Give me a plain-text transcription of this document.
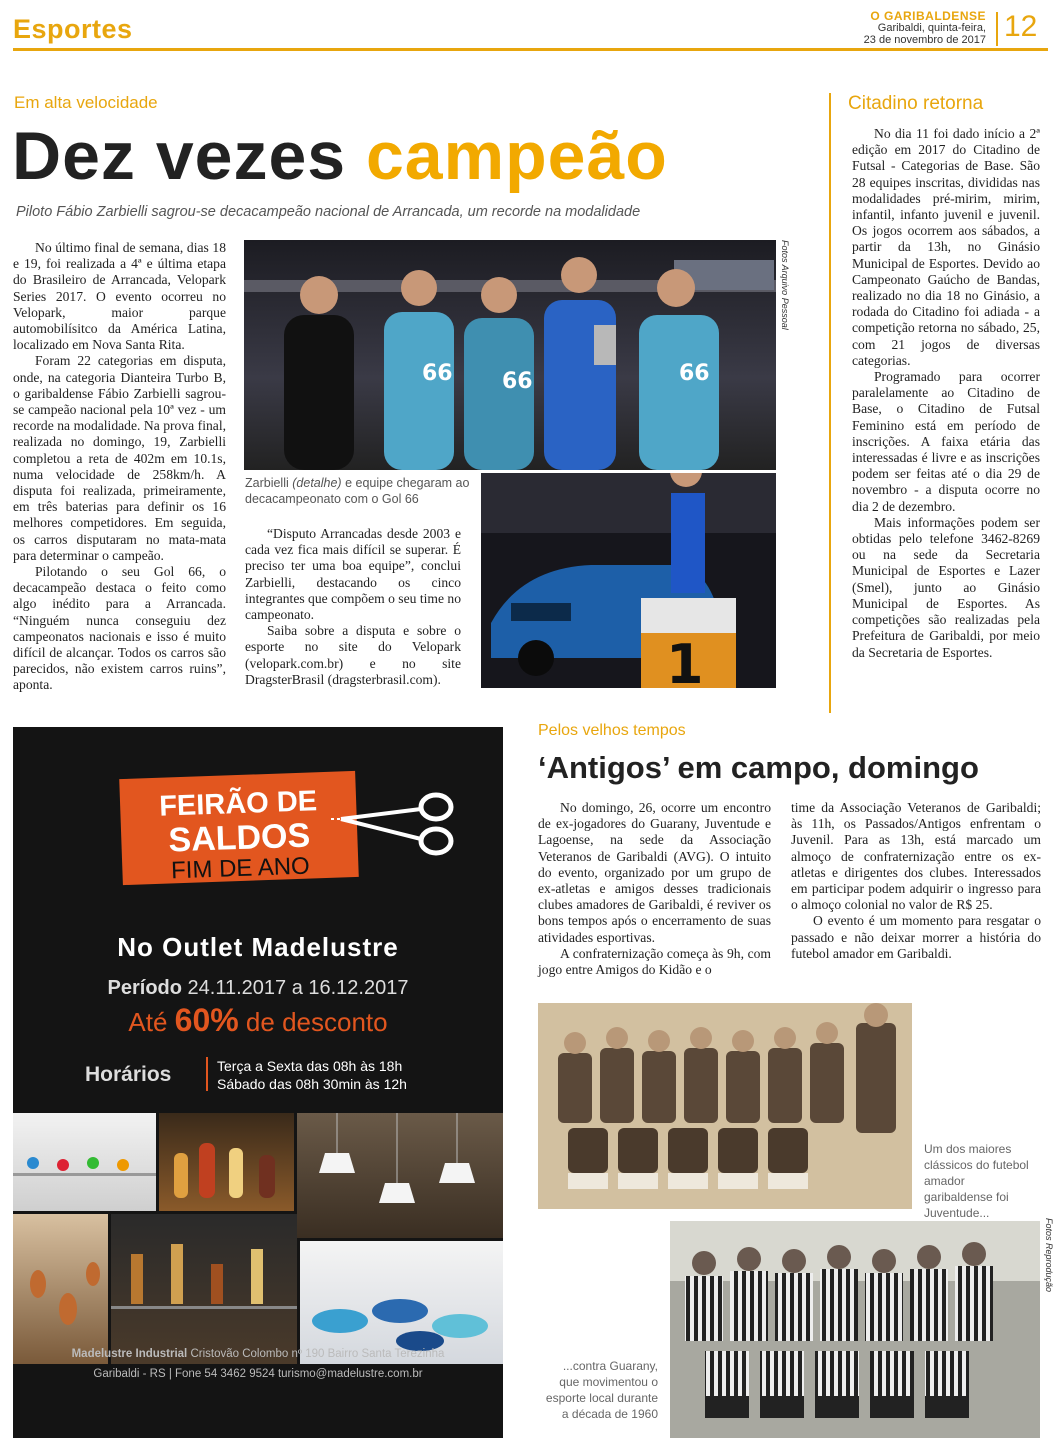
Esportes	O GARIBALDENSE
Garibaldi, quinta-feira,
23 de novembro de 2017 12
Em alta velocidade
Dez vezes campeão
Piloto Fábio Zarbielli sagrou-se decacampeão nacional de Arrancada, um recorde na modalidade

No último final de semana, dias 18 e 19, foi realizada a 4ª e última etapa do Brasileiro de Arrancada, Velopark Series 2017. O evento ocorreu no Velopark, maior parque automobilísitco da América Latina, localizado em Nova Santa Rita.

Foram 22 categorias em disputa, onde, na categoria Dianteira Turbo B, o garibaldense Fábio Zarbielli sagrou-se campeão nacional pela 10ª vez - um recorde na modalidade. Na prova final, realizada no domingo, 19, Zarbielli completou a reta de 402m em 10.1s, numa velocidade de 258km/h. A disputa foi realizada, primeiramente, em três baterias para definir os 16 melhores competidores. Em seguida, os carros disputaram no mata-mata para determinar o campeão.

Pilotando o seu Gol 66, o decacampeão destaca o feito como algo inédito para a Arrancada. “Ninguém nunca conseguiu dez campeonatos nacionais e isso é muito difícil de alcançar. Todos os carros são parecidos, não existem carros ruins”, aponta.

66 66	66
Fotos Arquivo Pessoal
1
Zarbielli (detalhe) e equipe chegaram ao decacampeonato com o Gol 66

“Disputo Arrancadas desde 2003 e cada vez fica mais difícil se superar. É preciso ter uma boa equipe”, conclui Zarbielli, destacando os cinco integrantes que compõem o seu time no campeonato.

Saiba sobre a disputa e sobre o esporte no site do Velopark (velopark.com.br) e no site DragsterBrasil (dragsterbrasil.com).

Citadino retorna

No dia 11 foi dado início a 2ª edição em 2017 do Citadino de Futsal - Categorias de Base. São 28 equipes inscritas, divididas nas modalidades pré-mirim, mirim, infantil, infanto juvenil e juvenil. Os jogos ocorrem aos sábados, a partir da 13h, no Ginásio Municipal de Esportes. Devido ao Campeonato Gaúcho de Bandas, realizado no dia 18 no Ginásio, a rodada do Citadino foi adiada - a competição retorna no sábado, 25, com 21 jogos de diversas categorias.

Programado para ocorrer paralelamente ao Citadino de Base, o Citadino de Futsal Feminino está em período de inscrições. A faixa etária das interessadas é livre e as inscrições podem ser feitas até o dia 29 de novembro - a disputa ocorre no dia 2 de dezembro.

Mais informações podem ser obtidas pelo telefone 3462-8269 ou na sede da Secretaria Municipal de Esportes e Lazer (Smel), junto ao Ginásio Municipal de Esportes. As competições são realizadas pela Prefeitura de Garibaldi, por meio da Secretaria de Esportes.

FEIRÃO DE
SALDOS
FIM DE ANO
No Outlet Madelustre
Período 24.11.2017 a 16.12.2017
Até 60% de desconto
Horários	Terça a Sexta das 08h às 18h
Sábado das 08h 30min às 12h
Madelustre Industrial Cristovão Colombo nº 190 Bairro Santa Terezinha
Garibaldi - RS | Fone 54 3462 9524 turismo@madelustre.com.br
Pelos velhos tempos
‘Antigos’ em campo, domingo

No domingo, 26, ocorre um encontro de ex-jogadores do Guarany, Juventude e Lagoense, na sede da Associação Veteranos de Garibaldi (AVG). O intuito do evento, organizado por um grupo de ex-atletas e amigos desses tradicionais clubes amadores de Garibaldi, é reviver os bons tempos após o encerramento de suas atividades esportivas.

A confraternização começa às 9h, com jogo entre Amigos do Kidão e o

time da Associação Veteranos de Garibaldi; às 11h, os Passados/Antigos enfrentam o Juvenil. Para as 13h, está marcado um almoço de confraternização entre os ex-atletas e dirigentes dos clubes. Interessados em participar podem adquirir o ingresso para o almoço colonial no valor de R$ 25.

O evento é um momento para resgatar o passado e não deixar morrer a história do futebol amador em Garibaldi.

Um dos maiores clássicos do futebol amador garibaldense foi Juventude...
Fotos Reprodução
...contra Guarany, que movimentou o esporte local durante a década de 1960
